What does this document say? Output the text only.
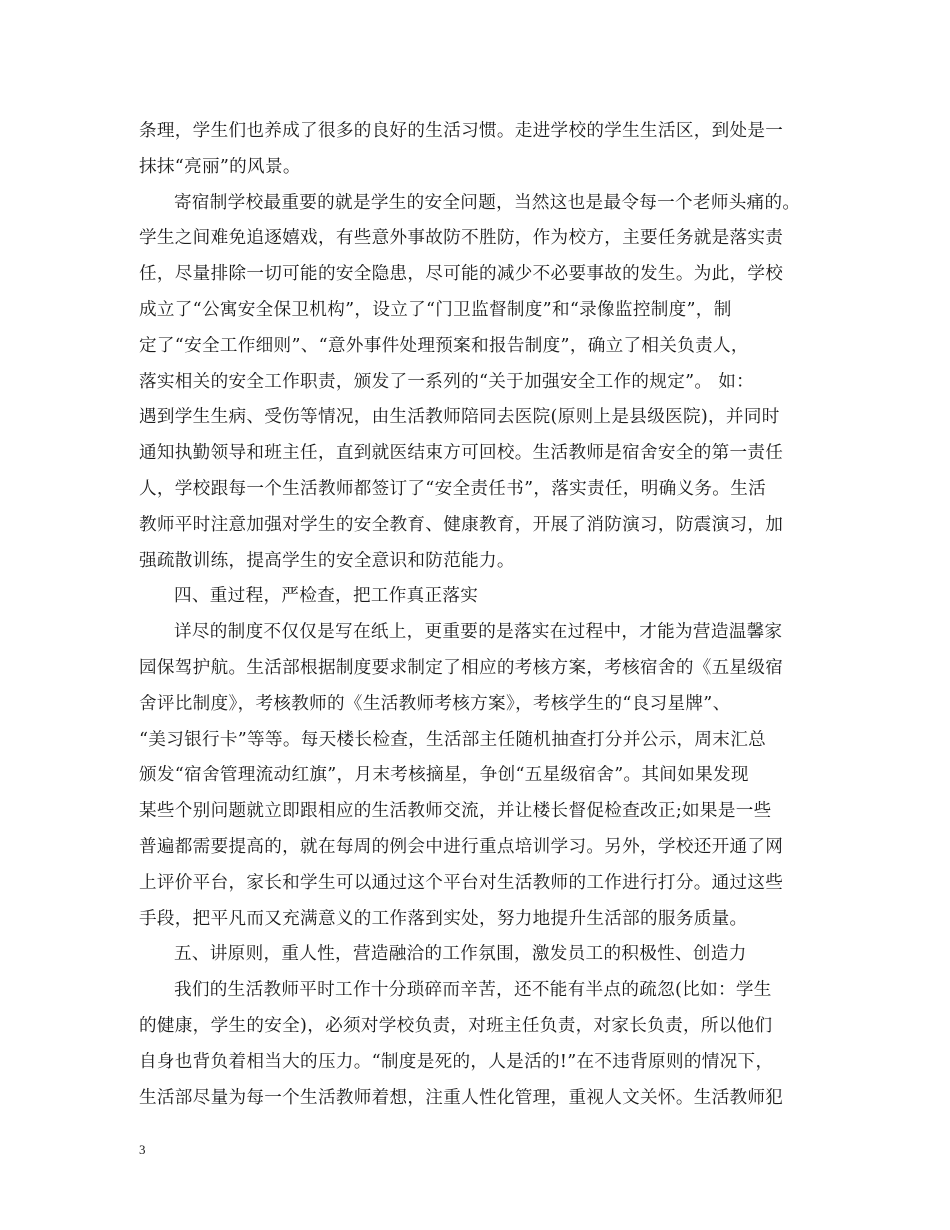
条理，学生们也养成了很多的良好的生活习惯。走进学校的学生生活区，到处是一
抹抹“亮丽”的风景。
寄宿制学校最重要的就是学生的安全问题，当然这也是最令每一个老师头痛的。
学生之间难免追逐嬉戏，有些意外事故防不胜防，作为校方，主要任务就是落实责
任，尽量排除一切可能的安全隐患，尽可能的减少不必要事故的发生。为此，学校
成立了“公寓安全保卫机构”，设立了“门卫监督制度”和“录像监控制度”，制
定了“安全工作细则”、“意外事件处理预案和报告制度”，确立了相关负责人，
落实相关的安全工作职责，颁发了一系列的“关于加强安全工作的规定”。 如：
遇到学生生病、受伤等情况，由生活教师陪同去医院(原则上是县级医院)，并同时
通知执勤领导和班主任，直到就医结束方可回校。生活教师是宿舍安全的第一责任
人，学校跟每一个生活教师都签订了“安全责任书”，落实责任，明确义务。生活
教师平时注意加强对学生的安全教育、健康教育，开展了消防演习，防震演习，加
强疏散训练，提高学生的安全意识和防范能力。
四、重过程，严检查，把工作真正落实
详尽的制度不仅仅是写在纸上，更重要的是落实在过程中，才能为营造温馨家
园保驾护航。生活部根据制度要求制定了相应的考核方案，考核宿舍的《五星级宿
舍评比制度》，考核教师的《生活教师考核方案》，考核学生的“良习星牌”、
“美习银行卡”等等。每天楼长检查，生活部主任随机抽查打分并公示，周末汇总
颁发“宿舍管理流动红旗”，月末考核摘星，争创“五星级宿舍”。其间如果发现
某些个别问题就立即跟相应的生活教师交流，并让楼长督促检查改正;如果是一些
普遍都需要提高的，就在每周的例会中进行重点培训学习。另外，学校还开通了网
上评价平台，家长和学生可以通过这个平台对生活教师的工作进行打分。通过这些
手段，把平凡而又充满意义的工作落到实处，努力地提升生活部的服务质量。
五、讲原则，重人性，营造融洽的工作氛围，激发员工的积极性、创造力
我们的生活教师平时工作十分琐碎而辛苦，还不能有半点的疏忽(比如：学生
的健康，学生的安全)，必须对学校负责，对班主任负责，对家长负责，所以他们
自身也背负着相当大的压力。“制度是死的，人是活的!”在不违背原则的情况下，
生活部尽量为每一个生活教师着想，注重人性化管理，重视人文关怀。生活教师犯
3
